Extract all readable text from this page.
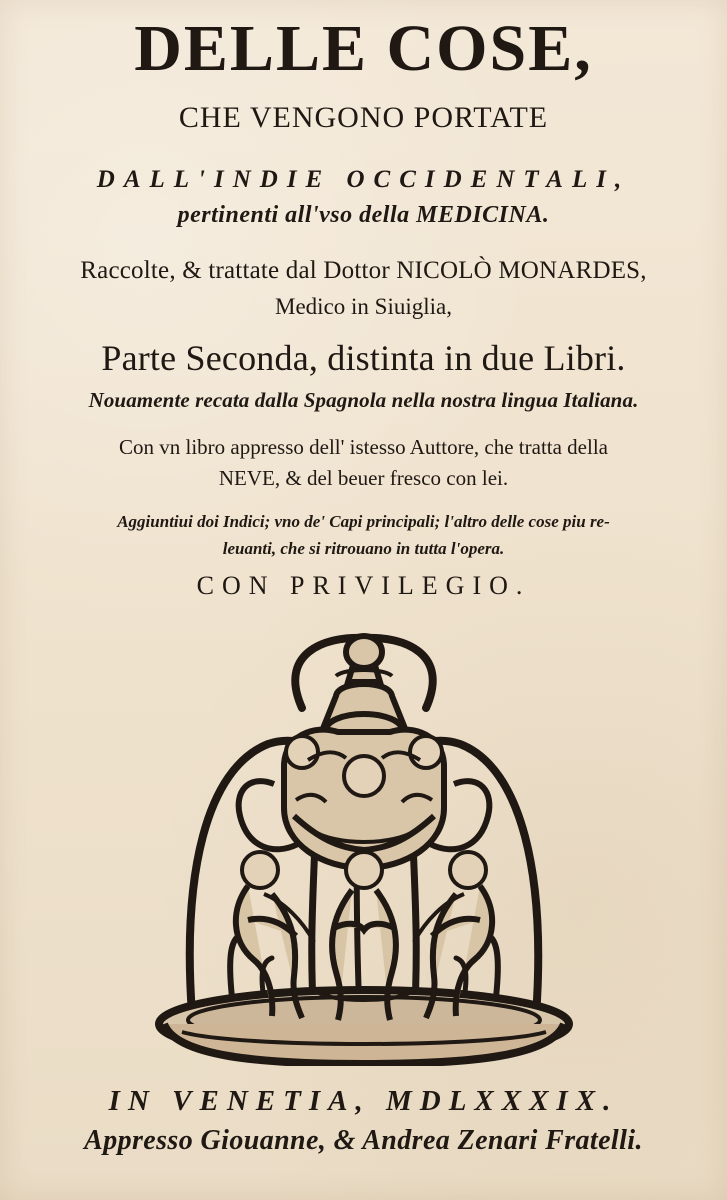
DELLE COSE,
CHE VENGONO PORTATE
DALL'INDIE OCCIDENTALI,
pertinenti all'vso della MEDICINA.
Raccolte, & trattate dal Dottor NICOLÒ MONARDES,
Medico in Siuiglia,
Parte Seconda, distinta in due Libri.
Nouamente recata dalla Spagnola nella nostra lingua Italiana.
Con vn libro appresso dell' istesso Auttore, che tratta della
NEVE, & del beuer fresco con lei.
Aggiuntiui doi Indici; vno de' Capi principali; l'altro delle cose piu re-
leuanti, che si ritrouano in tutta l'opera.
CON PRIVILEGIO.
IN VENETIA, MDLXXXIX.
Appresso Giouanne, & Andrea Zenari Fratelli.
